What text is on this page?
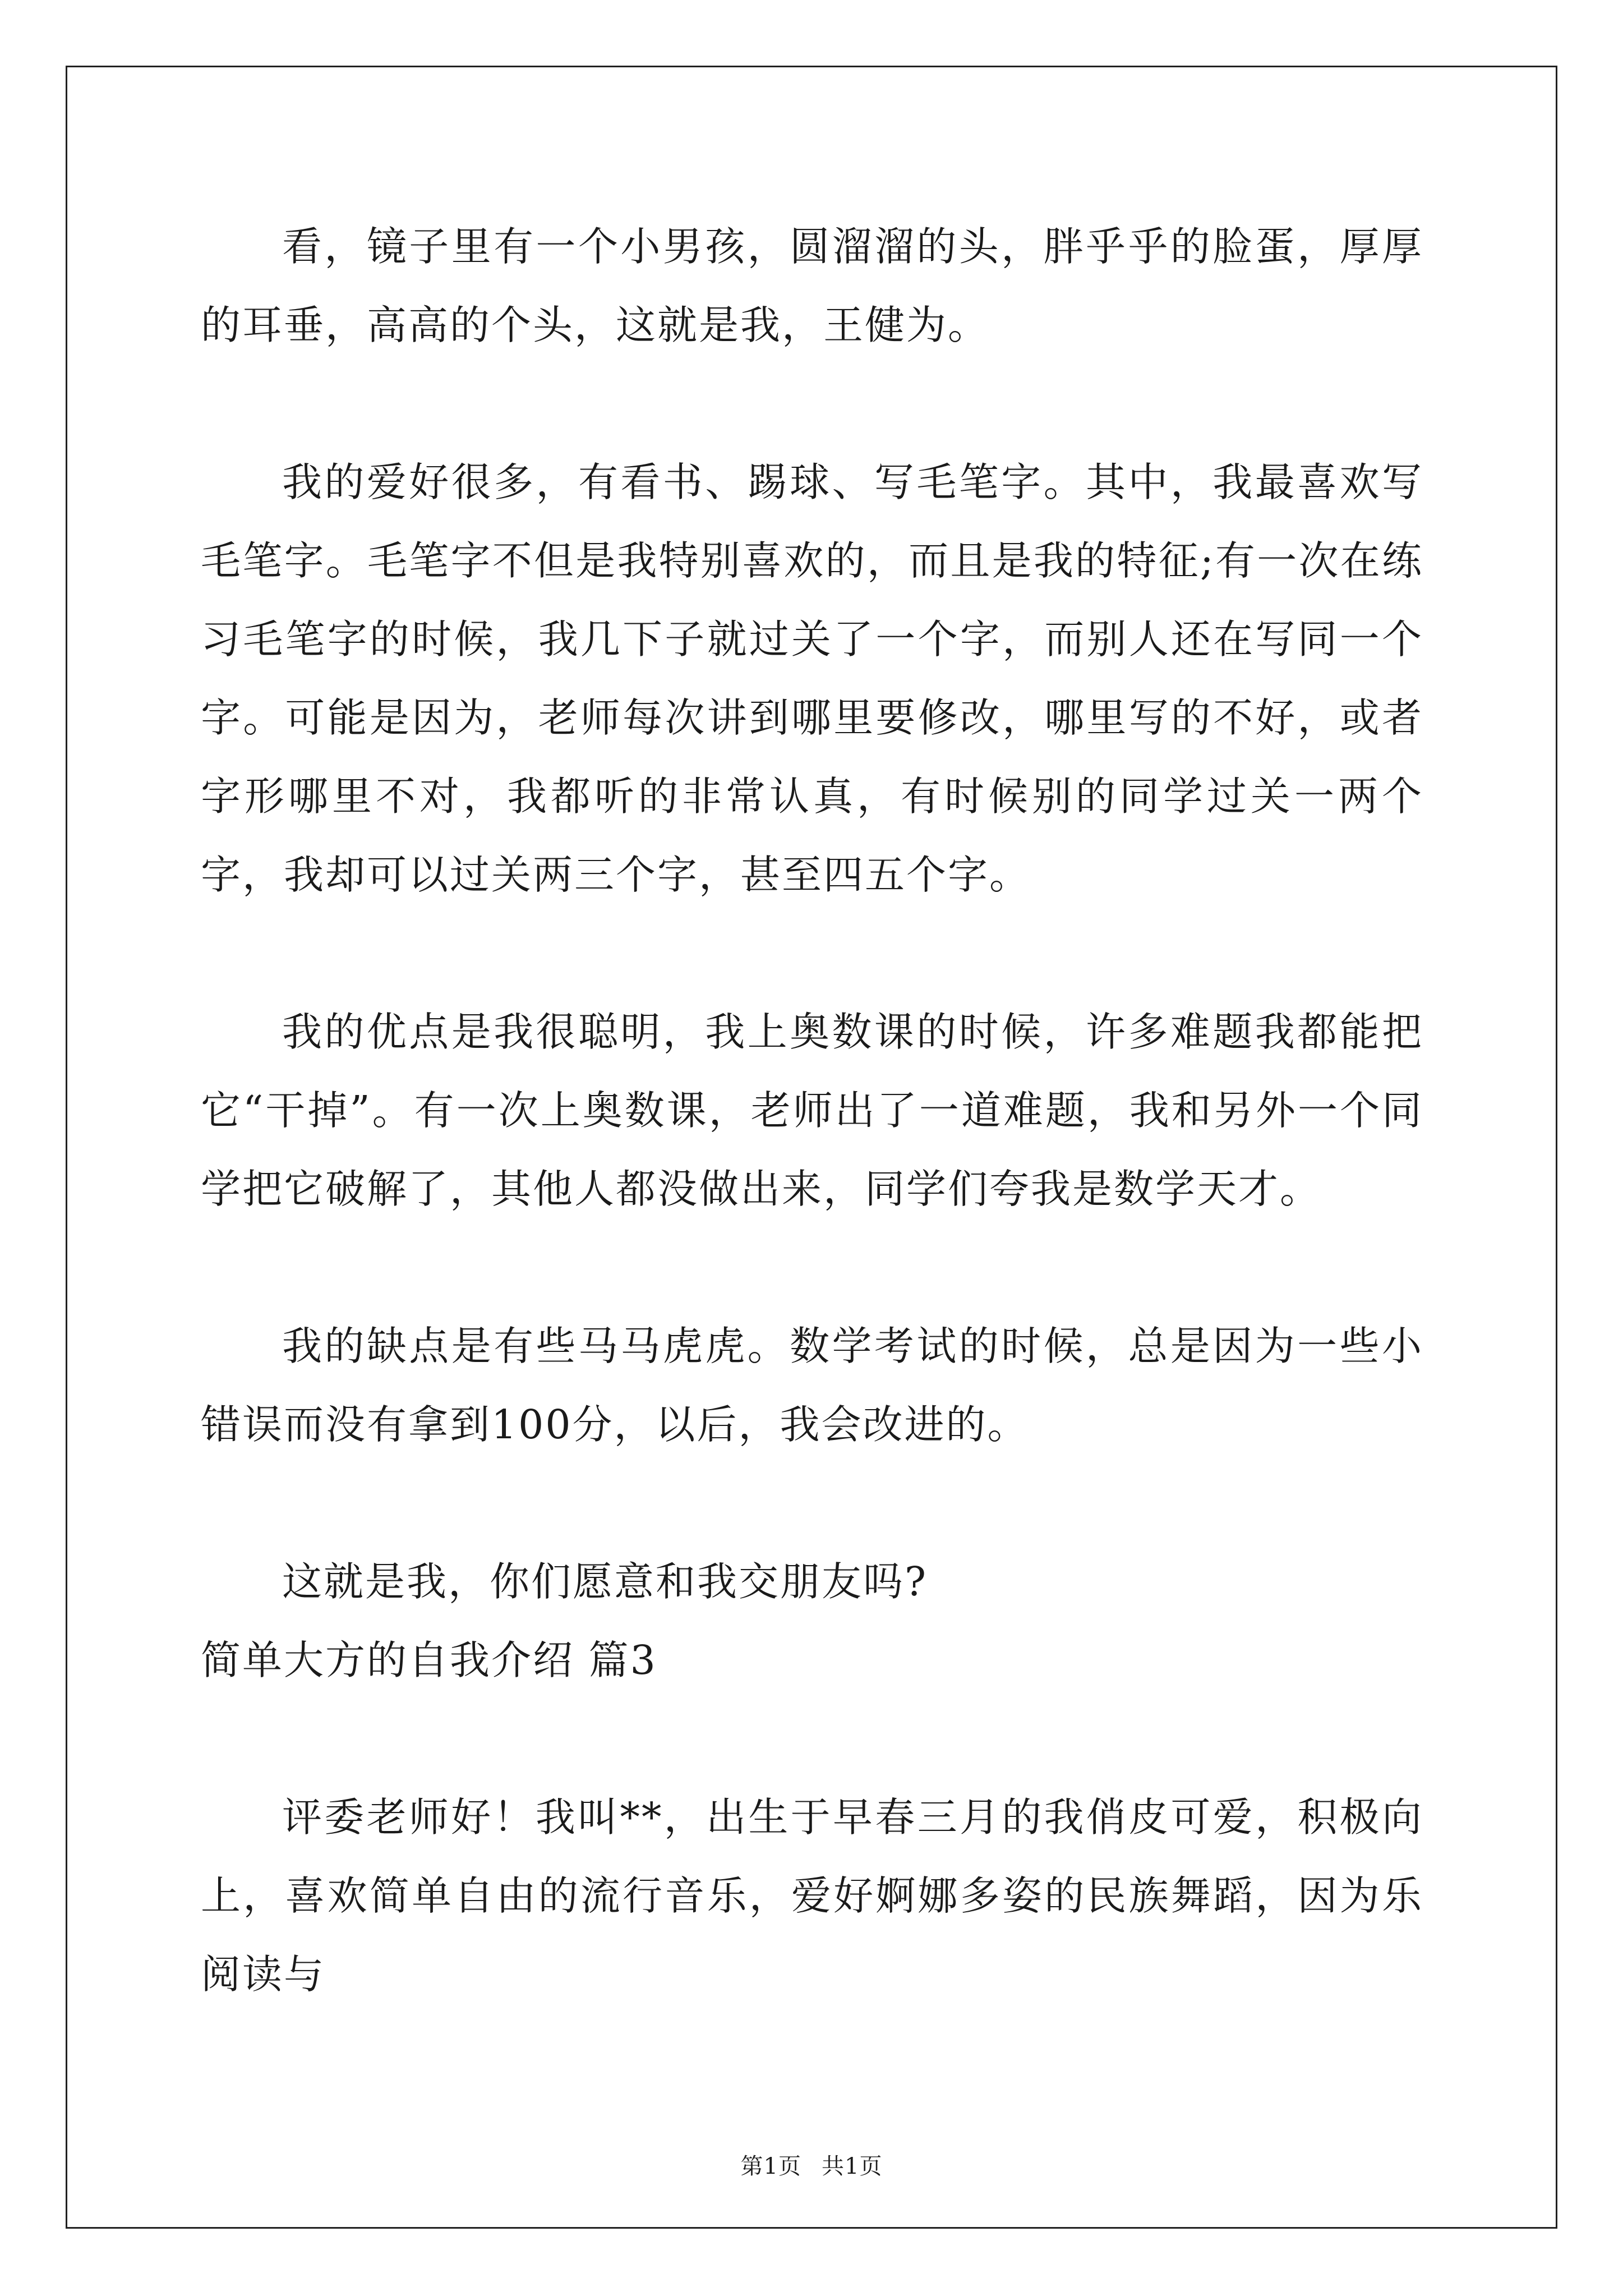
看，镜子里有一个小男孩，圆溜溜的头，胖乎乎的脸蛋，厚厚的耳垂，高高的个头，这就是我，王健为。

我的爱好很多，有看书、踢球、写毛笔字。其中，我最喜欢写毛笔字。毛笔字不但是我特别喜欢的，而且是我的特征;有一次在练习毛笔字的时候，我几下子就过关了一个字，而别人还在写同一个字。可能是因为，老师每次讲到哪里要修改，哪里写的不好，或者字形哪里不对，我都听的非常认真，有时候别的同学过关一两个字，我却可以过关两三个字，甚至四五个字。

我的优点是我很聪明，我上奥数课的时候，许多难题我都能把它“干掉”。有一次上奥数课，老师出了一道难题，我和另外一个同学把它破解了，其他人都没做出来，同学们夸我是数学天才。

我的缺点是有些马马虎虎。数学考试的时候，总是因为一些小错误而没有拿到100分，以后，我会改进的。

这就是我，你们愿意和我交朋友吗?

简单大方的自我介绍 篇3

评委老师好！我叫**，出生于早春三月的我俏皮可爱，积极向上，喜欢简单自由的流行音乐，爱好婀娜多姿的民族舞蹈，因为乐阅读与

第1页 共1页
